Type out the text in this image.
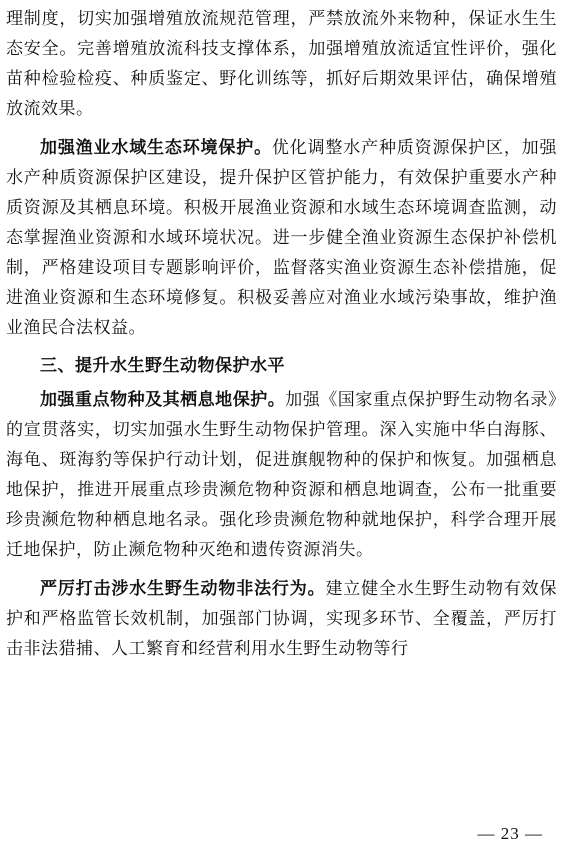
理制度，切实加强增殖放流规范管理，严禁放流外来物种，保证水生生态安全。完善增殖放流科技支撑体系，加强增殖放流适宜性评价，强化苗种检验检疫、种质鉴定、野化训练等，抓好后期效果评估，确保增殖放流效果。

加强渔业水域生态环境保护。优化调整水产种质资源保护区，加强水产种质资源保护区建设，提升保护区管护能力，有效保护重要水产种质资源及其栖息环境。积极开展渔业资源和水域生态环境调查监测，动态掌握渔业资源和水域环境状况。进一步健全渔业资源生态保护补偿机制，严格建设项目专题影响评价，监督落实渔业资源生态补偿措施，促进渔业资源和生态环境修复。积极妥善应对渔业水域污染事故，维护渔业渔民合法权益。

三、提升水生野生动物保护水平

加强重点物种及其栖息地保护。加强《国家重点保护野生动物名录》的宣贯落实，切实加强水生野生动物保护管理。深入实施中华白海豚、海龟、斑海豹等保护行动计划，促进旗舰物种的保护和恢复。加强栖息地保护，推进开展重点珍贵濒危物种资源和栖息地调查，公布一批重要珍贵濒危物种栖息地名录。强化珍贵濒危物种就地保护，科学合理开展迁地保护，防止濒危物种灭绝和遗传资源消失。

严厉打击涉水生野生动物非法行为。建立健全水生野生动物有效保护和严格监管长效机制，加强部门协调，实现多环节、全覆盖，严厉打击非法猎捕、人工繁育和经营利用水生野生动物等行

— 23 —
